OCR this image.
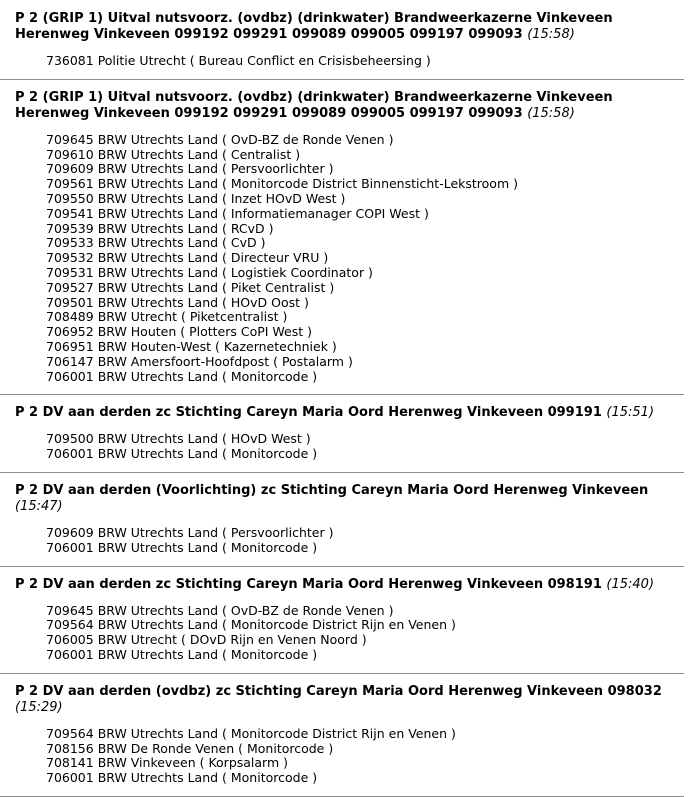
P 2 (GRIP 1) Uitval nutsvoorz. (ovdbz) (drinkwater) Brandweerkazerne Vinkeveen Herenweg Vinkeveen 099192 099291 099089 099005 099197 099093 (15:58)

736081 Politie Utrecht ( Bureau Conflict en Crisisbeheersing )

P 2 (GRIP 1) Uitval nutsvoorz. (ovdbz) (drinkwater) Brandweerkazerne Vinkeveen Herenweg Vinkeveen 099192 099291 099089 099005 099197 099093 (15:58)

709645 BRW Utrechts Land ( OvD-BZ de Ronde Venen )
709610 BRW Utrechts Land ( Centralist )
709609 BRW Utrechts Land ( Persvoorlichter )
709561 BRW Utrechts Land ( Monitorcode District Binnensticht-Lekstroom )
709550 BRW Utrechts Land ( Inzet HOvD West )
709541 BRW Utrechts Land ( Informatiemanager COPI West )
709539 BRW Utrechts Land ( RCvD )
709533 BRW Utrechts Land ( CvD )
709532 BRW Utrechts Land ( Directeur VRU )
709531 BRW Utrechts Land ( Logistiek Coordinator )
709527 BRW Utrechts Land ( Piket Centralist )
709501 BRW Utrechts Land ( HOvD Oost )
708489 BRW Utrecht ( Piketcentralist )
706952 BRW Houten ( Plotters CoPI West )
706951 BRW Houten-West ( Kazernetechniek )
706147 BRW Amersfoort-Hoofdpost ( Postalarm )
706001 BRW Utrechts Land ( Monitorcode )

P 2 DV aan derden zc Stichting Careyn Maria Oord Herenweg Vinkeveen 099191 (15:51)

709500 BRW Utrechts Land ( HOvD West )
706001 BRW Utrechts Land ( Monitorcode )

P 2 DV aan derden (Voorlichting) zc Stichting Careyn Maria Oord Herenweg Vinkeveen (15:47)

709609 BRW Utrechts Land ( Persvoorlichter )
706001 BRW Utrechts Land ( Monitorcode )

P 2 DV aan derden zc Stichting Careyn Maria Oord Herenweg Vinkeveen 098191 (15:40)

709645 BRW Utrechts Land ( OvD-BZ de Ronde Venen )
709564 BRW Utrechts Land ( Monitorcode District Rijn en Venen )
706005 BRW Utrecht ( DOvD Rijn en Venen Noord )
706001 BRW Utrechts Land ( Monitorcode )

P 2 DV aan derden (ovdbz) zc Stichting Careyn Maria Oord Herenweg Vinkeveen 098032 (15:29)

709564 BRW Utrechts Land ( Monitorcode District Rijn en Venen )
708156 BRW De Ronde Venen ( Monitorcode )
708141 BRW Vinkeveen ( Korpsalarm )
706001 BRW Utrechts Land ( Monitorcode )
